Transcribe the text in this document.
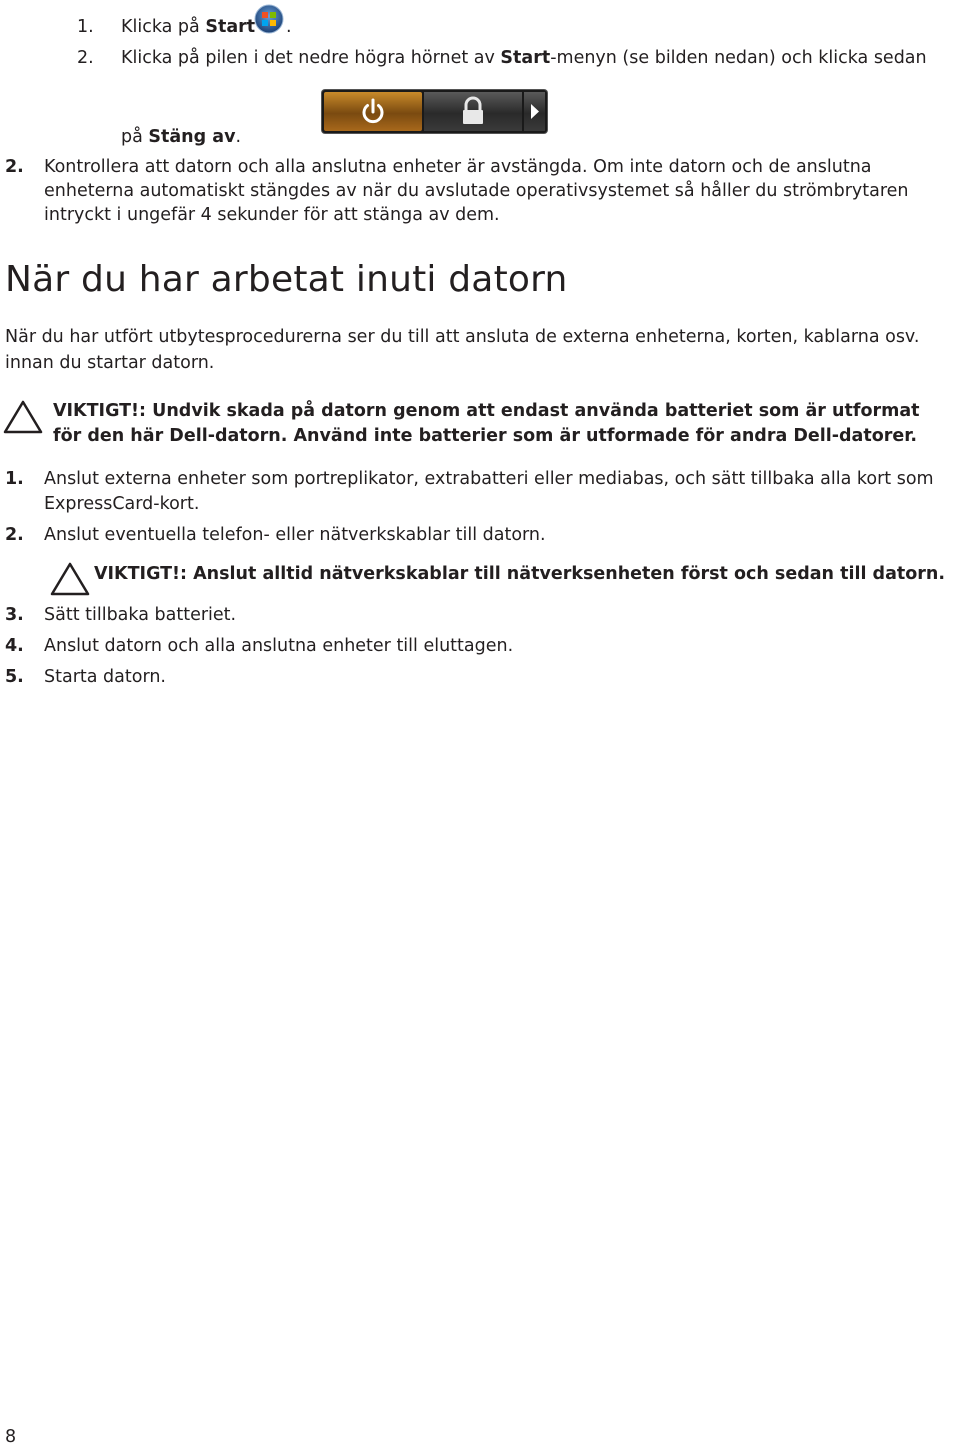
1. Klicka på Start .
2. Klicka på pilen i det nedre högra hörnet av Start-menyn (se bilden nedan) och klicka sedan
på Stäng av.
2. Kontrollera att datorn och alla anslutna enheter är avstängda. Om inte datorn och de anslutna enheterna automatiskt stängdes av när du avslutade operativsystemet så håller du strömbrytaren intryckt i ungefär 4 sekunder för att stänga av dem.
När du har arbetat inuti datorn
När du har utfört utbytesprocedurerna ser du till att ansluta de externa enheterna, korten, kablarna osv. innan du startar datorn.
VIKTIGT!: Undvik skada på datorn genom att endast använda batteriet som är utformat för den här Dell-datorn. Använd inte batterier som är utformade för andra Dell-datorer.
1. Anslut externa enheter som portreplikator, extrabatteri eller mediabas, och sätt tillbaka alla kort som ExpressCard-kort.
2. Anslut eventuella telefon- eller nätverkskablar till datorn.
VIKTIGT!: Anslut alltid nätverkskablar till nätverksenheten först och sedan till datorn.
3. Sätt tillbaka batteriet.
4. Anslut datorn och alla anslutna enheter till eluttagen.
5. Starta datorn.
8
